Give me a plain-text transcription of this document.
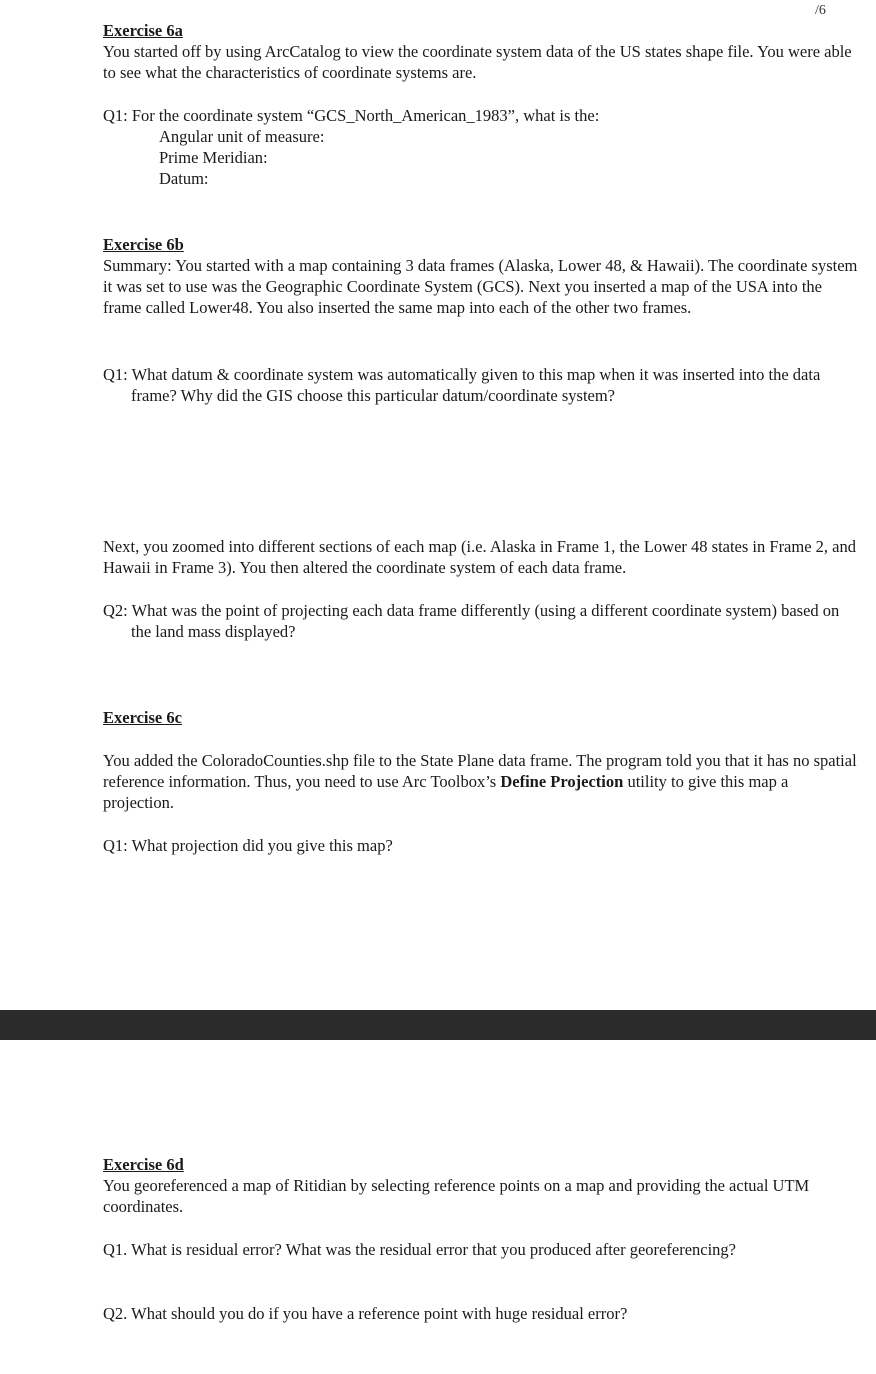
/6
Exercise 6a

You started off by using ArcCatalog to view the coordinate system data of the US states shape file. You were able to see what the characteristics of coordinate systems are.

Q1: For the coordinate system “GCS_North_American_1983”, what is the:

Angular unit of measure:

Prime Meridian:

Datum:

Exercise 6b

Summary: You started with a map containing 3 data frames (Alaska, Lower 48, & Hawaii). The coordinate system it was set to use was the Geographic Coordinate System (GCS). Next you inserted a map of the USA into the frame called Lower48. You also inserted the same map into each of the other two frames.

Q1: What datum & coordinate system was automatically given to this map when it was inserted into the data frame? Why did the GIS choose this particular datum/coordinate system?

Next, you zoomed into different sections of each map (i.e. Alaska in Frame 1, the Lower 48 states in Frame 2, and Hawaii in Frame 3). You then altered the coordinate system of each data frame.

Q2: What was the point of projecting each data frame differently (using a different coordinate system) based on the land mass displayed?

Exercise 6c

You added the ColoradoCounties.shp file to the State Plane data frame. The program told you that it has no spatial reference information. Thus, you need to use Arc Toolbox’s Define Projection utility to give this map a projection.

Q1: What projection did you give this map?

Exercise 6d

You georeferenced a map of Ritidian by selecting reference points on a map and providing the actual UTM coordinates.

Q1. What is residual error? What was the residual error that you produced after georeferencing?

Q2. What should you do if you have a reference point with huge residual error?
